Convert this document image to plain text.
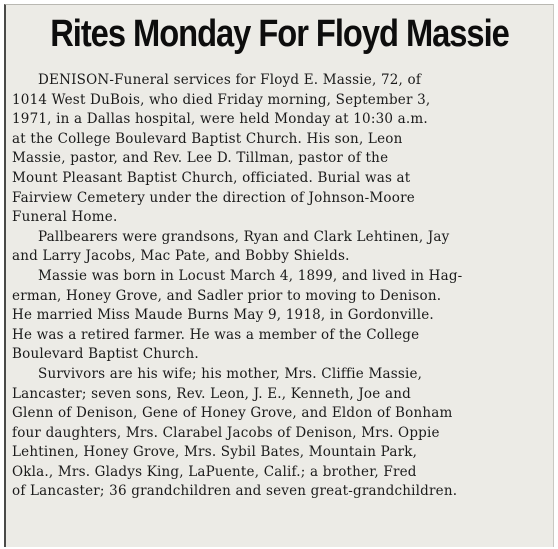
Rites Monday For Floyd Massie
DENISON-Funeral services for Floyd E. Massie, 72, of
1014 West DuBois, who died Friday morning, September 3,
1971, in a Dallas hospital, were held Monday at 10:30 a.m.
at the College Boulevard Baptist Church. His son, Leon
Massie, pastor, and Rev. Lee D. Tillman, pastor of the
Mount Pleasant Baptist Church, officiated. Burial was at
Fairview Cemetery under the direction of Johnson-Moore
Funeral Home.
Pallbearers were grandsons, Ryan and Clark Lehtinen, Jay
and Larry Jacobs, Mac Pate, and Bobby Shields.
Massie was born in Locust March 4, 1899, and lived in Hag-
erman, Honey Grove, and Sadler prior to moving to Denison.
He married Miss Maude Burns May 9, 1918, in Gordonville.
He was a retired farmer. He was a member of the College
Boulevard Baptist Church.
Survivors are his wife; his mother, Mrs. Cliffie Massie,
Lancaster; seven sons, Rev. Leon, J. E., Kenneth, Joe and
Glenn of Denison, Gene of Honey Grove, and Eldon of Bonham
four daughters, Mrs. Clarabel Jacobs of Denison, Mrs. Oppie
Lehtinen, Honey Grove, Mrs. Sybil Bates, Mountain Park,
Okla., Mrs. Gladys King, LaPuente, Calif.; a brother, Fred
of Lancaster; 36 grandchildren and seven great-grandchildren.
